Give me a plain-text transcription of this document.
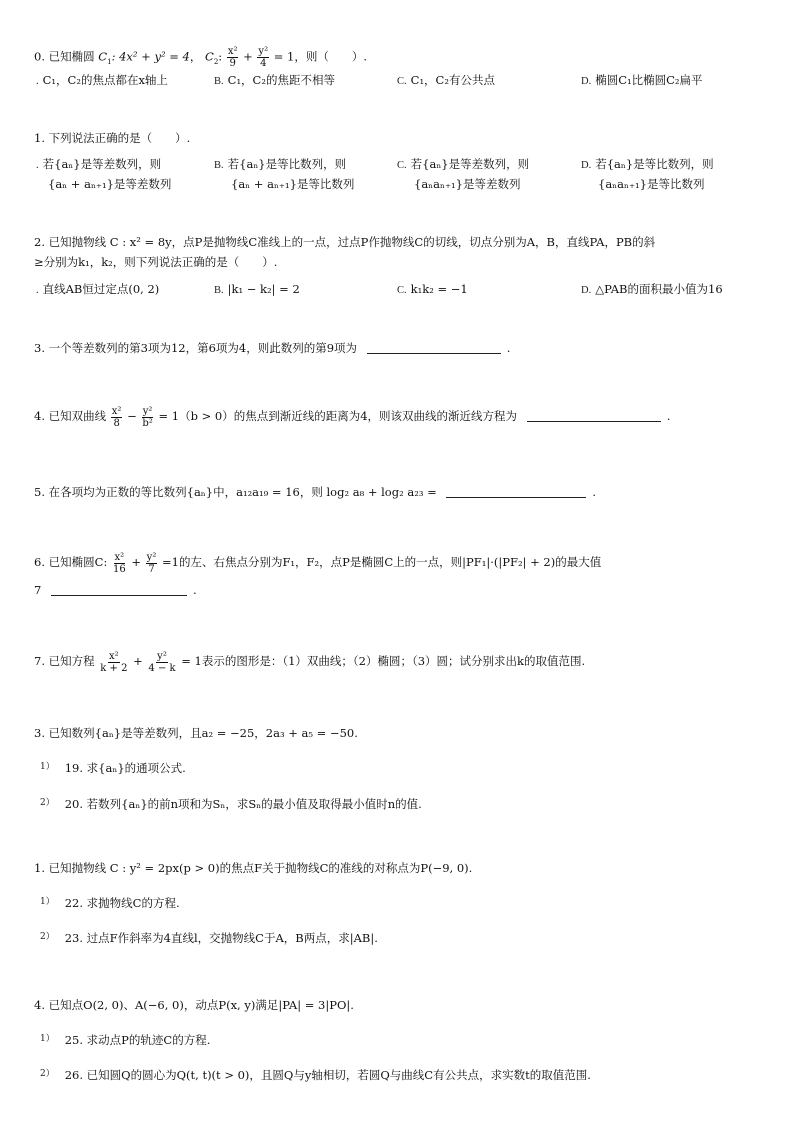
0. 已知椭圆 $C_1$: 4x² + y² = 4， $C_2$: $\frac{\text{x²}}{9} + \frac{\text{y²}}{4} = 1$，则（　　）.
. C₁，C₂的焦点都在x轴上	B. C₁，C₂的焦距不相等	C. C₁，C₂有公共点	D. 椭圆C₁比椭圆C₂扁平
1. 下列说法正确的是（　　）.
. 若{aₙ}是等差数列，则
{aₙ + aₙ₊₁}是等差数列
B. 若{aₙ}是等比数列，则
{aₙ + aₙ₊₁}是等比数列
C. 若{aₙ}是等差数列，则
{aₙaₙ₊₁}是等差数列
D. 若{aₙ}是等比数列，则
{aₙaₙ₊₁}是等比数列
2. 已知抛物线 C : x² = 8y，点P是抛物线C准线上的一点，过点P作抛物线C的切线，切点分别为A，B，直线PA，PB的斜
≥分别为k₁，k₂，则下列说法正确的是（　　）.
. 直线AB恒过定点(0, 2)	B. |k₁ − k₂| = 2	C. k₁k₂ = −1	D. △PAB的面积最小值为16
3. 一个等差数列的第3项为12，第6项为4，则此数列的第9项为	.
4. 已知双曲线 $\frac{\text{x²}}{8} - \frac{\text{y²}}{\text{b²}} = 1(b > 0)$的焦点到渐近线的距离为4，则该双曲线的渐近线方程为	.
5. 在各项均为正数的等比数列{aₙ}中，a₁₂a₁₉ = 16，则 log₂ a₈ + log₂ a₂₃ =	.
6. 已知椭圆C: $\frac{\text{x²}}{16} + \frac{\text{y²}}{7} =1$的左、右焦点分别为F₁，F₂，点P是椭圆C上的一点，则|PF₁|·(|PF₂| + 2)的最大值
7	.
7. 已知方程 $\frac{\text{x²}}{k + 2} + \frac{\text{y²}}{4 - k} = 1$表示的图形是：（1）双曲线；（2）椭圆；（3）圆；试分别求出k的取值范围.
3. 已知数列{aₙ}是等差数列，且a₂ = −25，2a₃ + a₅ = −50.
$^{1)}$ 19. 求{aₙ}的通项公式.
$^{2)}$ 20. 若数列{aₙ}的前n项和为Sₙ，求Sₙ的最小值及取得最小值时n的值.
1. 已知抛物线 C : y² = 2px(p > 0)的焦点F关于抛物线C的准线的对称点为P(−9, 0).
$^{1)}$ 22. 求抛物线C的方程.
$^{2)}$ 23. 过点F作斜率为4直线l，交抛物线C于A，B两点，求|AB|.
4. 已知点O(2, 0)、A(−6, 0)，动点P(x, y)满足|PA| = 3|PO|.
$^{1)}$ 25. 求动点P的轨迹C的方程.
$^{2)}$ 26. 已知圆Q的圆心为Q(t, t)(t > 0)，且圆Q与y轴相切，若圆Q与曲线C有公共点，求实数t的取值范围.
